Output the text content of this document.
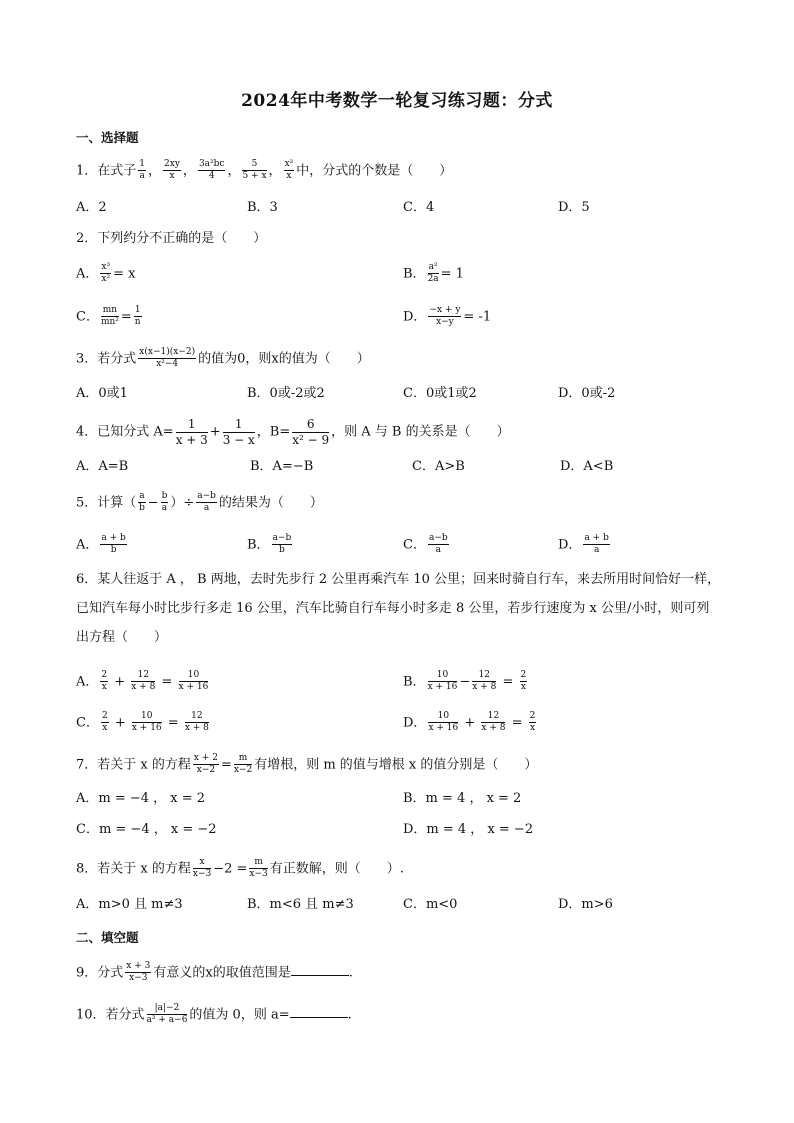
2024年中考数学一轮复习练习题：分式
一、选择题
1．在式子 $\frac{1}{a}$ ， $\frac{2xy}{x}$ ， $\frac{\text{3a²bc}}{4}$ ， $\frac{5}{5 + x}$ ， $\frac{\text{x²}}{x}$ 中，分式的个数是（　　）
A．2	B．3	C．4	D．5
2．下列约分不正确的是（　　）
A． $\frac{\text{x³}}{\text{x²}} = x$	B． $\frac{\text{a²}}{2a} = 1$
C． $\frac{mn}{\text{mn²}} = \frac{1}{n}$	D． $\frac{-x + y}{x-y} = -1$
3．若分式 $\frac{x(x-1)(x-2)}{\text{x²−4}}$ 的值为0，则x的值为（　　）
A．0或1	B．0或-2或2	C．0或1或2	D．0或-2
4．已知分式 $A= \frac{1}{x + 3} + \frac{1}{3 - x}$ ，$B= \frac{6}{\text{x² − 9}}$ ，则 A 与 B 的关系是（　　）
A．A=B	B．A=−B	C．A>B	D．A<B
5．计算（ $\frac{a}{b} - \frac{b}{a}$ ）÷ $\frac{a-b}{a}$ 的结果为（　　）
A． $\frac{a + b}{b}$	B． $\frac{a-b}{b}$	C． $\frac{a-b}{a}$	D． $\frac{a + b}{a}$
6．某人往返于 A ， B 两地，去时先步行 2 公里再乘汽车 10 公里；回来时骑自行车，来去所用时间恰好一样，已知汽车每小时比步行多走 16 公里，汽车比骑自行车每小时多走 8 公里，若步行速度为 x 公里/小时，则可列出方程（　　）
A． $\frac{2}{x} + \frac{12}{x + 8} = \frac{10}{x + 16}$	B． $\frac{10}{x + 16} - \frac{12}{x + 8} = \frac{2}{x}$
C． $\frac{2}{x} + \frac{10}{x + 16} = \frac{12}{x + 8}$	D． $\frac{10}{x + 16} + \frac{12}{x + 8} = \frac{2}{x}$
7．若关于 x 的方程 $\frac{x + 2}{x-2} = \frac{m}{x-2}$ 有增根，则 m 的值与增根 x 的值分别是（　　）
A．m = −4 ， x = 2	B．m = 4 ， x = 2
C．m = −4 ， x = −2	D．m = 4 ， x = −2
8．若关于 x 的方程 $\frac{x}{x-3} -2 = \frac{m}{x-3}$ 有正数解，则（　　）.
A．m>0 且 m≠3	B．m<6 且 m≠3	C．m<0	D．m>6
二、填空题
9．分式 $\frac{x + 3}{x-3}$ 有意义的x的取值范围是	.
10．若分式 $\frac{|a|-2}{\text{a² + a−6}}$ 的值为 0，则 a=	.
